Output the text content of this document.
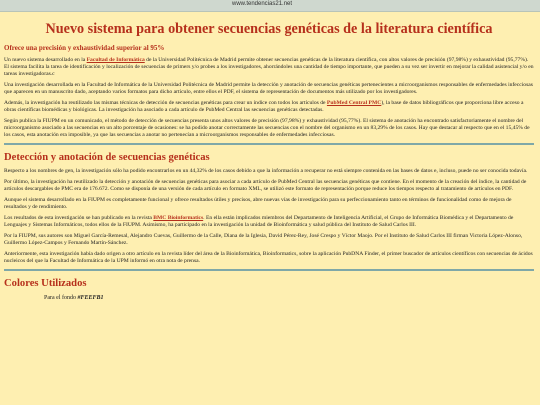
www.tendencias21.net
Nuevo sistema para obtener secuencias genéticas de la literatura científica
Ofrece una precisión y exhaustividad superior al 95%

Un nuevo sistema desarrollado en la Facultad de Informática de la Universidad Politécnica de Madrid permite obtener secuencias genéticas de la literatura científica, con altos valores de precisión (97,98%) y exhaustividad (95,77%). El sistema facilita la tarea de identificación y localización de secuencias de primers y/o probes a los investigadores, ahorrándoles una cantidad de tiempo importante, que pueden a su vez ser invertir en mejorar la calidad asistencial y/o en tareas investigadoras.c

Una investigación desarrollada en la Facultad de Informática de la Universidad Politécnica de Madrid permite la detección y anotación de secuencias genéticas pertenecientes a microorganismos responsables de enfermedades infecciosas que aparecen en un manuscrito dado, aceptando varios formatos para dicho artículo, entre ellos el PDF, el sistema de representación de documentos más utilizado por los investigadores.

Además, la investigación ha reutilizado las mismas técnicas de detección de secuencias genéticas para crear un índice con todos los artículos de PubMed Central PMC), la base de datos bibliográficos que proporciona libre acceso a obras científicas biomédicas y biológicas. La investigación ha asociado a cada artículo de PubMed Central las secuencias genéticas detectadas.

Según publica la FIUPM en un comunicado, el método de detección de secuencias presenta unos altos valores de precisión (97,98%) y exhaustividad (95,77%). El sistema de anotación ha encontrado satisfactoriamente el nombre del microorganismo asociado a las secuencias en un alto porcentaje de ocasiones: se ha podido anotar correctamente las secuencias con el nombre del organismo en un 83,29% de los casos. Hay que destacar al respecto que en el 15,45% de los casos, esta anotación era imposible, ya que las secuencias a anotar no pertenecían a microorganismos responsables de enfermedades infecciosas.

Detección y anotación de secuencias genéticas

Respecto a los nombres de gen, la investigación sólo ha podido encontrarlos en un 44,32% de los casos debido a que la información a recuperar no está siempre contenida en las bases de datos e, incluso, puede no ser conocida todavía.

Por último, la investigación ha reutilizado la detección y anotación de secuencias genéticas para asociar a cada artículo de PubMed Central las secuencias genéticas que contiene. En el momento de la creación del índice, la cantidad de artículos descargables de PMC era de 176.672. Como se disponía de una versión de cada artículo en formato XML, se utilizó este formato de representación porque reduce los tiempos respecto al tratamiento de artículos en PDF.

Aunque el sistema desarrollado en la FIUPM es completamente funcional y ofrece resultados útiles y precisos, abre nuevas vías de investigación para su perfeccionamiento tanto en términos de funcionalidad como de mejora de resultados y de rendimiento.

Los resultados de esta investigación se han publicado en la revista BMC Bioinformatics. En ella están implicados miembros del Departamento de Inteligencia Artificial, el Grupo de Informática Biomédica y el Departamento de Lenguajes y Sistemas Informáticos, todos ellos de la FIUPM. Asimismo, ha participado en la investigación la unidad de Bioinformática y salud pública del Instituto de Salud Carlos III.

Por la FIUPM, sus autores son Miguel García-Remesal, Alejandro Cuevas, Guillermo de la Calle, Diana de la Iglesia, David Pérez-Rey, José Crespo y Víctor Maojo. Por el Instituto de Salud Carlos III firman Victoria López-Alonso, Guillermo López-Campos y Fernando Martín-Sánchez.

Anteriormente, esta investigación había dado origen a otro artículo en la revista líder del área de la Bioinformática, Bioinformatics, sobre la aplicación PubDNA Finder, el primer buscador de artículos científicos con secuencias de ácidos nucleicos del que la Facultad de Informática de la UPM informó en otra nota de prensa.

Colores Utilizados
Para el fondo #FEEFB1
